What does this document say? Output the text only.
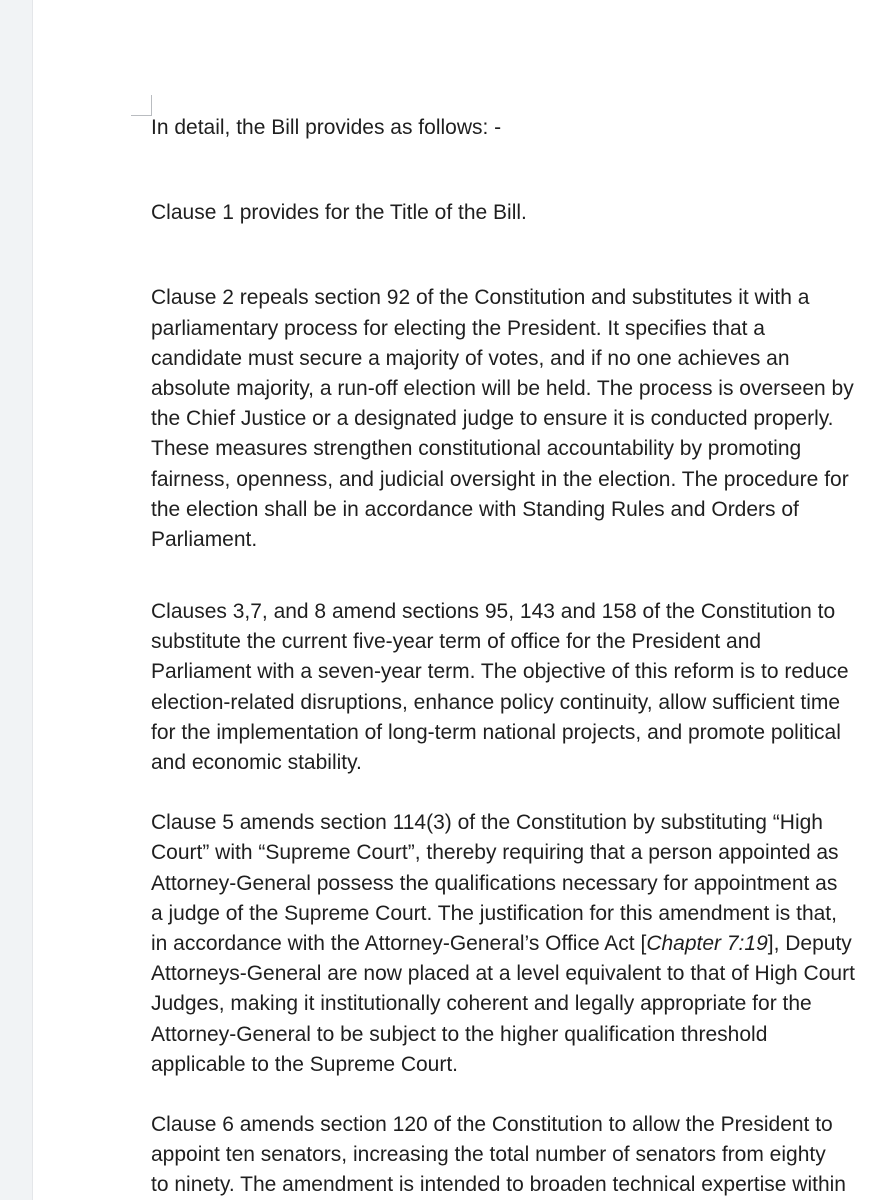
In detail, the Bill provides as follows: -

Clause 1 provides for the Title of the Bill.

Clause 2 repeals section 92 of the Constitution and substitutes it with a
parliamentary process for electing the President. It specifies that a
candidate must secure a majority of votes, and if no one achieves an
absolute majority, a run-off election will be held. The process is overseen by
the Chief Justice or a designated judge to ensure it is conducted properly.
These measures strengthen constitutional accountability by promoting
fairness, openness, and judicial oversight in the election. The procedure for
the election shall be in accordance with Standing Rules and Orders of
Parliament.

Clauses 3,7, and 8 amend sections 95, 143 and 158 of the Constitution to
substitute the current five-year term of office for the President and
Parliament with a seven-year term. The objective of this reform is to reduce
election-related disruptions, enhance policy continuity, allow sufficient time
for the implementation of long-term national projects, and promote political
and economic stability.

Clause 5 amends section 114(3) of the Constitution by substituting “High
Court” with “Supreme Court”, thereby requiring that a person appointed as
Attorney-General possess the qualifications necessary for appointment as
a judge of the Supreme Court. The justification for this amendment is that,
in accordance with the Attorney-General’s Office Act [Chapter 7:19], Deputy
Attorneys-General are now placed at a level equivalent to that of High Court
Judges, making it institutionally coherent and legally appropriate for the
Attorney-General to be subject to the higher qualification threshold
applicable to the Supreme Court.

Clause 6 amends section 120 of the Constitution to allow the President to
appoint ten senators, increasing the total number of senators from eighty
to ninety. The amendment is intended to broaden technical expertise within
